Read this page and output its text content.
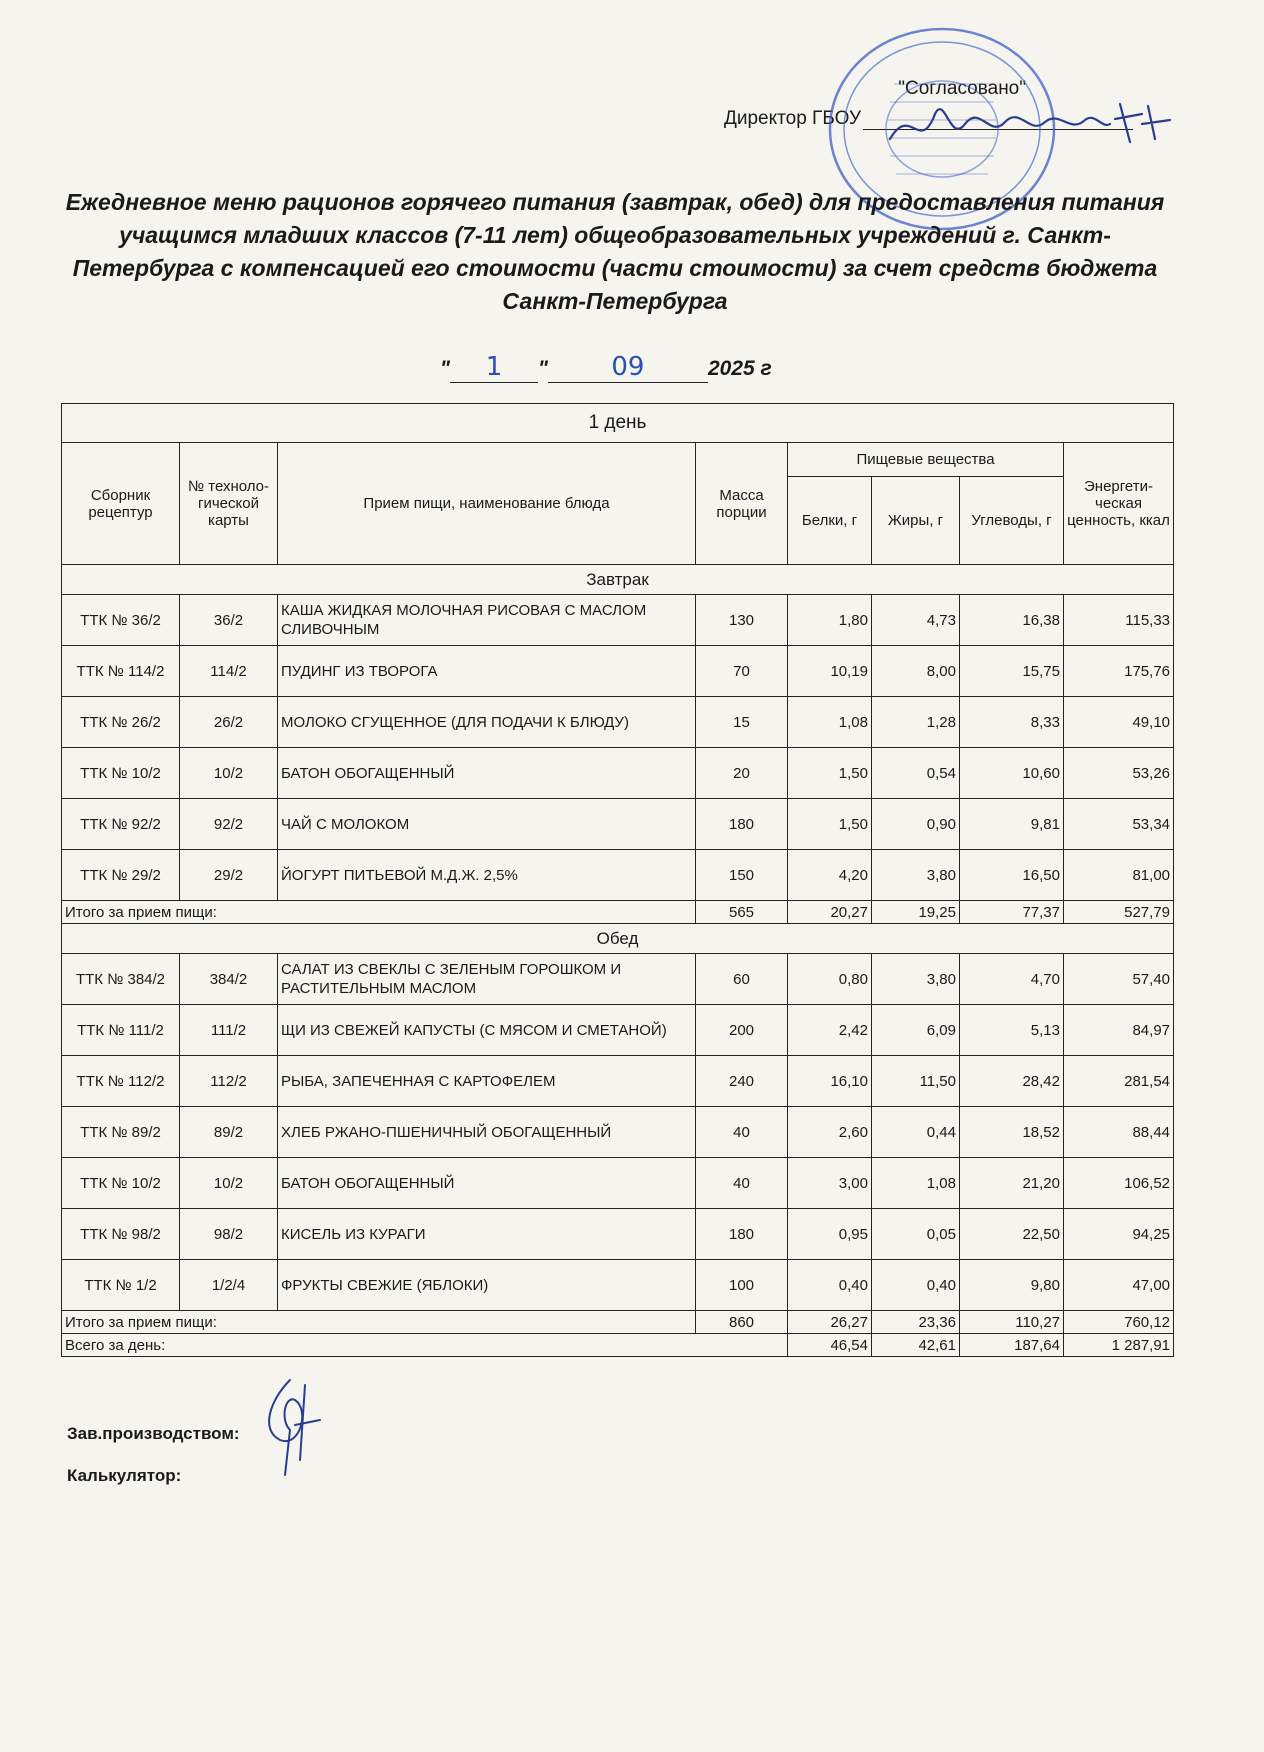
"Согласовано"
Директор ГБОУ
Ежедневное меню рационов горячего питания (завтрак, обед) для предоставления питания учащимся младших классов (7-11 лет) общеобразовательных учреждений г. Санкт-Петербурга с компенсацией его стоимости (части стоимости) за счет средств бюджета Санкт-Петербурга
" 1 " 09	2025 г
1 день							
Сборник рецептур	№ техноло-гической карты	Прием пищи, наименование блюда	Масса порции	Пищевые вещества			Энергети-ческая ценность, ккал
				Белки, г	Жиры, г	Углеводы, г	
Завтрак							
ТТК № 36/2	36/2	КАША ЖИДКАЯ МОЛОЧНАЯ РИСОВАЯ С МАСЛОМ СЛИВОЧНЫМ	130	1,80	4,73	16,38	115,33
ТТК № 114/2	114/2	ПУДИНГ ИЗ ТВОРОГА	70	10,19	8,00	15,75	175,76
ТТК № 26/2	26/2	МОЛОКО СГУЩЕННОЕ (ДЛЯ ПОДАЧИ К БЛЮДУ)	15	1,08	1,28	8,33	49,10
ТТК № 10/2	10/2	БАТОН ОБОГАЩЕННЫЙ	20	1,50	0,54	10,60	53,26
ТТК № 92/2	92/2	ЧАЙ С МОЛОКОМ	180	1,50	0,90	9,81	53,34
ТТК № 29/2	29/2	ЙОГУРТ ПИТЬЕВОЙ М.Д.Ж. 2,5%	150	4,20	3,80	16,50	81,00
Итого за прием пищи:			565	20,27	19,25	77,37	527,79
Обед							
ТТК № 384/2	384/2	САЛАТ ИЗ СВЕКЛЫ С ЗЕЛЕНЫМ ГОРОШКОМ И РАСТИТЕЛЬНЫМ МАСЛОМ	60	0,80	3,80	4,70	57,40
ТТК № 111/2	111/2	ЩИ ИЗ СВЕЖЕЙ КАПУСТЫ (С МЯСОМ И СМЕТАНОЙ)	200	2,42	6,09	5,13	84,97
ТТК № 112/2	112/2	РЫБА, ЗАПЕЧЕННАЯ С КАРТОФЕЛЕМ	240	16,10	11,50	28,42	281,54
ТТК № 89/2	89/2	ХЛЕБ РЖАНО-ПШЕНИЧНЫЙ ОБОГАЩЕННЫЙ	40	2,60	0,44	18,52	88,44
ТТК № 10/2	10/2	БАТОН ОБОГАЩЕННЫЙ	40	3,00	1,08	21,20	106,52
ТТК № 98/2	98/2	КИСЕЛЬ ИЗ КУРАГИ	180	0,95	0,05	22,50	94,25
ТТК № 1/2	1/2/4	ФРУКТЫ СВЕЖИЕ (ЯБЛОКИ)	100	0,40	0,40	9,80	47,00
Итого за прием пищи:			860	26,27	23,36	110,27	760,12
Всего за день:				46,54	42,61	187,64	1 287,91
Зав.производством:
Калькулятор:
